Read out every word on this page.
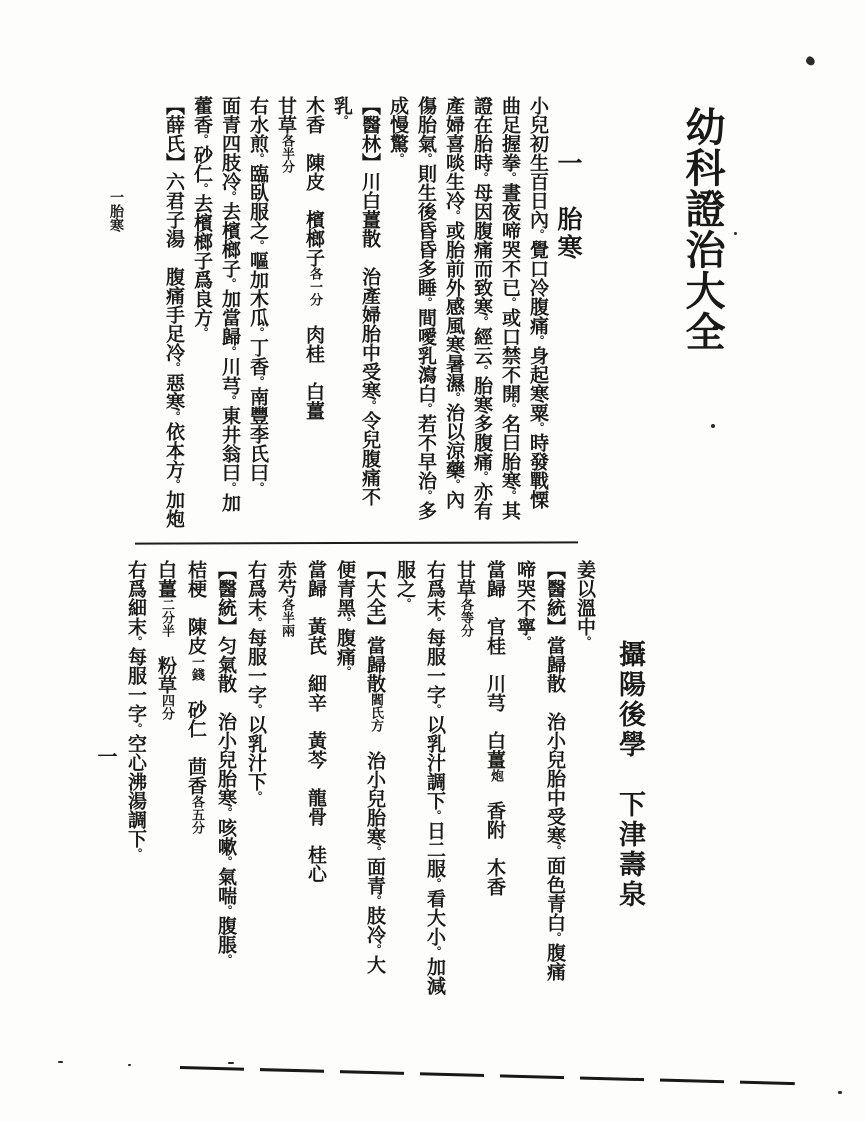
幼科證治大全
一　胎寒
小兒初生百日內。覺口冷腹痛。身起寒粟。時發戰慄
曲足握拳。晝夜啼哭不已。或口禁不開。名曰胎寒。其
證在胎時。母因腹痛而致寒。經云。胎寒多腹痛。亦有
產婦喜啖生冷。或胎前外感風寒暑濕。治以涼藥。內
傷胎氣。則生後昏昏多睡。間噯乳瀉白。若不早治。多
成慢驚。
【醫林】川白薑散　治產婦胎中受寒。令兒腹痛不
乳。
木香　陳皮　檳榔子各一分　肉桂　白薑
甘草各半分
右水煎。臨臥服之。嘔加木瓜。丁香。南豐李氏曰。
面青四肢冷。去檳榔子。加當歸。川芎。東井翁曰。加
藿香。砂仁。去檳榔子爲良方。
【薛氏】六君子湯　腹痛手足冷。惡寒。依本方。加炮
一胎寒
攝陽後學　下津壽泉
姜以溫中。
【醫統】當歸散　治小兒胎中受寒。面色青白。腹痛
啼哭不寧。
當歸　官桂　川芎　白薑炮　香附　木香
甘草各等分
右爲末。每服一字。以乳汁調下。日二服。看大小。加減
服之。
【大全】當歸散閻氏方　治小兒胎寒。面青。肢冷。大
便青黑。腹痛。
當歸　黃芪　細辛　黃芩　龍骨　桂心
赤芍各半兩
右爲末。每服一字。以乳汁下。
【醫統】匀氣散　治小兒胎寒。咳嗽。氣喘。腹脹。
桔梗　陳皮一錢　砂仁　茴香各五分
白薑二分半　粉草四分
右爲細末。每服一字。空心沸湯調下。
一
